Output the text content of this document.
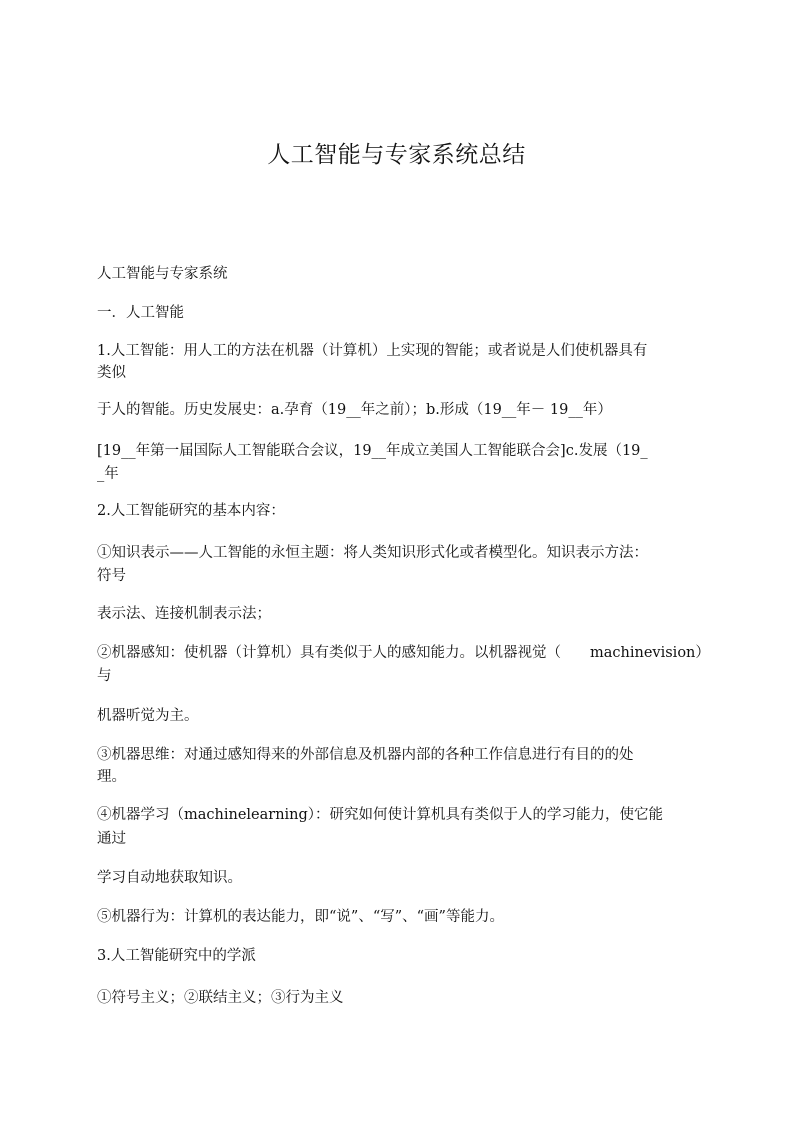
人工智能与专家系统总结
人工智能与专家系统
一．人工智能
1.人工智能：用人工的方法在机器（计算机）上实现的智能；或者说是人们使机器具有
类似
于人的智能。历史发展史：a.孕育（19__年之前）；b.形成（19__年－ 19__年）
[19__年第一届国际人工智能联合会议，19__年成立美国人工智能联合会]c.发展（19_
_年
2.人工智能研究的基本内容：
①知识表示——人工智能的永恒主题：将人类知识形式化或者模型化。知识表示方法：
符号
表示法、连接机制表示法；
②机器感知：使机器（计算机）具有类似于人的感知能力。以机器视觉（　　machinevision）
与
机器听觉为主。
③机器思维：对通过感知得来的外部信息及机器内部的各种工作信息进行有目的的处
理。
④机器学习（machinelearning）：研究如何使计算机具有类似于人的学习能力，使它能
通过
学习自动地获取知识。
⑤机器行为：计算机的表达能力，即“说”、“写”、“画”等能力。
3.人工智能研究中的学派
①符号主义；②联结主义；③行为主义
